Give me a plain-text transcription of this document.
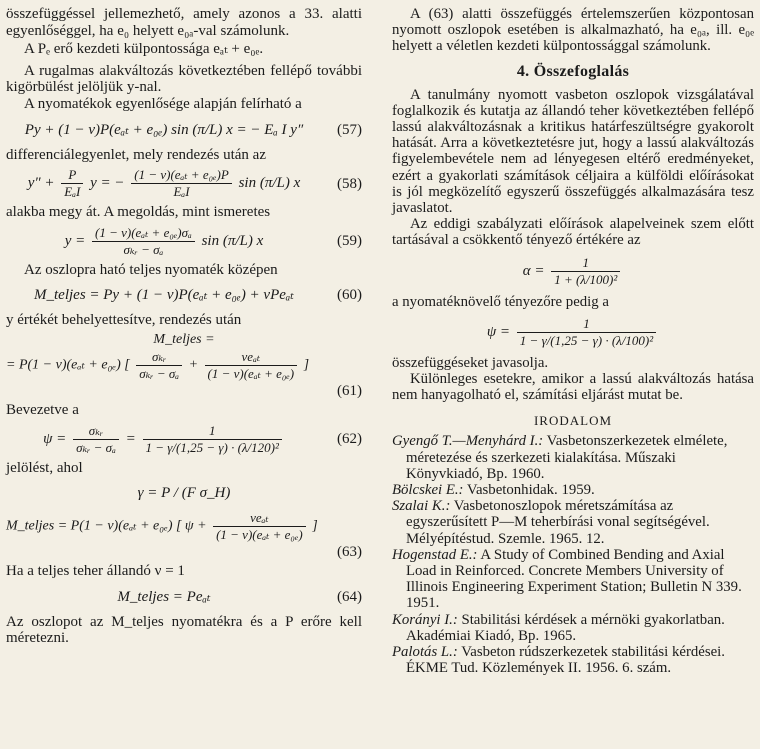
összefüggéssel jellemezhető, amely azonos a 33. alatti egyenlőséggel, ha e₀ helyett e₀ₐ-val számolunk.

A Pₑ erő kezdeti külpontossága eₐₜ + e₀ₑ.

A rugalmas alakváltozás következtében fellépő további kigörbülést jelöljük y-nal.

A nyomatékok egyenlősége alapján felírható a

Py + (1 − ν)P(eₐₜ + e₀ₑ) sin (π/L) x = − Eₐ I y″	(57)

differenciálegyenlet, mely rendezés után az

$y'' + \frac{P}{\text{EₐI}}$ y = − $\frac{\text{(1 − ν)(eₐₜ + e₀ₑ)P}}{\text{EₐI}}$ sin (π/L) x	(58)

alakba megy át. A megoldás, mint ismeretes

$y = \frac{\text{(1 − ν)(eₐₜ + e₀ₑ)σₐ}}{\text{σₖᵣ − σₐ}}$ sin (π/L) x	(59)

Az oszlopra ható teljes nyomaték középen

M_teljes = Py + (1 − ν)P(eₐₜ + e₀ₑ) + νPeₐₜ	(60)

y értékét behelyettesítve, rendezés után

M_teljes =
= P(1 − ν)(eₐₜ + e₀ₑ) [ $\frac{\text{σₖᵣ}}{\text{σₖᵣ − σₐ}} + \frac{\text{νeₐₜ}}{\text{(1 − ν)(eₐₜ + e₀ₑ)}}$ ]
(61)

Bevezetve a

$\psi = \frac{\text{σₖᵣ}}{\text{σₖᵣ − σₐ}} = \frac{1}{\text{1 − γ/(1,25 − γ) · (λ/120)²}}$	(62)

jelölést, ahol

γ = P / (F σ_H)
M_teljes = P(1 − ν)(eₐₜ + e₀ₑ) [ $\psi + \frac{\text{νeₐₜ}}{\text{(1 − ν)(eₐₜ + e₀ₑ)}}$ ]
(63)

Ha a teljes teher állandó ν = 1

M_teljes = Peₐₜ	(64)

Az oszlopot az M_teljes nyomatékra és a P erőre kell méretezni.

A (63) alatti összefüggés értelemszerűen központosan nyomott oszlopok esetében is alkalmazható, ha e₀ₐ, ill. e₀ₑ helyett a véletlen kezdeti külpontossággal számolunk.

4. Összefoglalás

A tanulmány nyomott vasbeton oszlopok vizsgálatával foglalkozik és kutatja az állandó teher következtében fellépő lassú alakváltozásnak a kritikus határfeszültségre gyakorolt hatását. Arra a következtetésre jut, hogy a lassú alakváltozás figyelembevétele nem ad lényegesen eltérő eredményeket, ezért a gyakorlati számítások céljaira a külföldi előírásokat is jól megközelítő egyszerű összefüggés alkalmazására tesz javaslatot.

Az eddigi szabályzati előírások alapelveinek szem előtt tartásával a csökkentő tényező értékére az

$\alpha = \frac{1}{\text{1 + (λ/100)²}}$

a nyomatéknövelő tényezőre pedig a

$\psi = \frac{1}{\text{1 − γ/(1,25 − γ) · (λ/100)²}}$

összefüggéseket javasolja.

Különleges esetekre, amikor a lassú alakváltozás hatása nem hanyagolható el, számítási eljárást mutat be.

IRODALOM

Gyengő T.—Menyhárd I.: Vasbetonszerkezetek elmélete, méretezése és szerkezeti kialakítása. Műszaki Könyvkiadó, Bp. 1960.

Bölcskei E.: Vasbetonhidak. 1959.

Szalai K.: Vasbetonoszlopok méretszámítása az egyszerűsített P—M teherbírási vonal segítségével. Mélyépítéstud. Szemle. 1965. 12.

Hogenstad E.: A Study of Combined Bending and Axial Load in Reinforced. Concrete Members University of Illinois Engineering Experiment Station; Bulletin N 339. 1951.

Korányi I.: Stabilitási kérdések a mérnöki gyakorlatban. Akadémiai Kiadó, Bp. 1965.

Palotás L.: Vasbeton rúdszerkezetek stabilitási kérdései. ÉKME Tud. Közlemények II. 1956. 6. szám.
